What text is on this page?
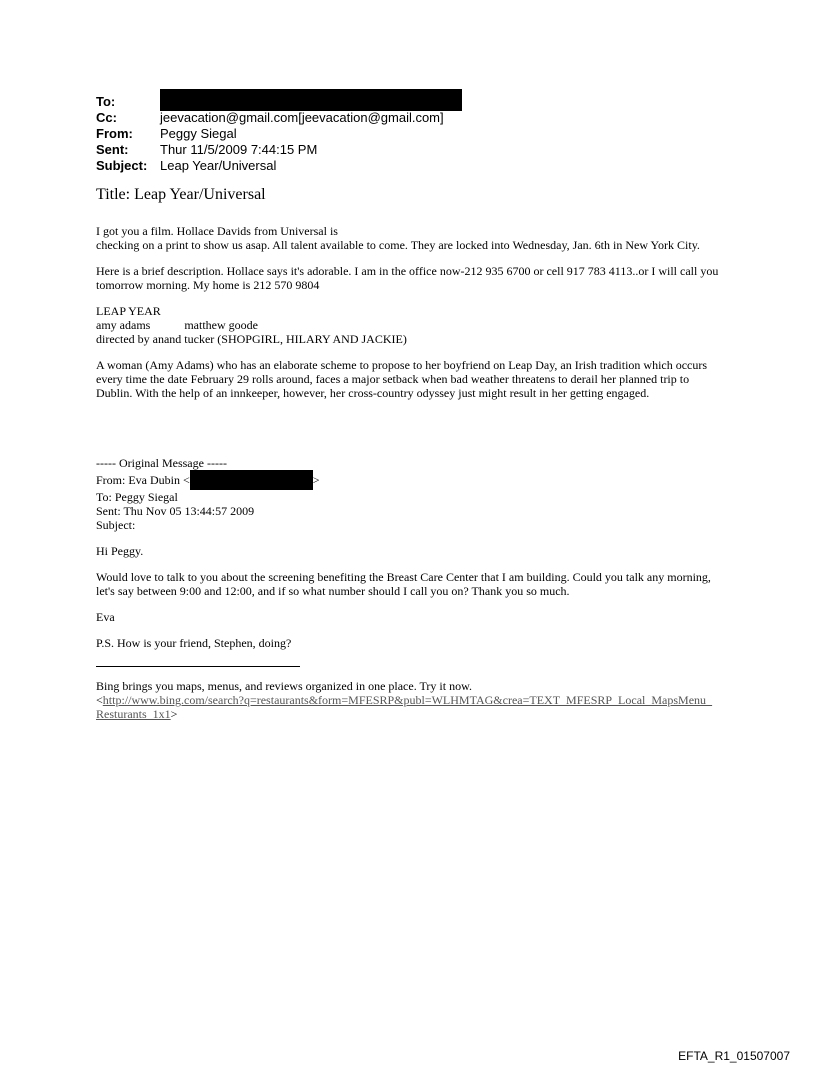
To:
Cc:	jeevacation@gmail.com[jeevacation@gmail.com]
From: Peggy Siegal
Sent: Thur 11/5/2009 7:44:15 PM
Subject: Leap Year/Universal
Title: Leap Year/Universal

I got you a film. Hollace Davids from Universal is

checking on a print to show us asap. All talent available to come. They are locked into Wednesday, Jan. 6th in New York City.

Here is a brief description. Hollace says it's adorable. I am in the office now-212 935 6700 or cell 917 783 4113..or I will call you tomorrow morning. My home is 212 570 9804

LEAP YEAR

amy adams	matthew goode

directed by anand tucker (SHOPGIRL, HILARY AND JACKIE)

A woman (Amy Adams) who has an elaborate scheme to propose to her boyfriend on Leap Day, an Irish tradition which occurs every time the date February 29 rolls around, faces a major setback when bad weather threatens to derail her planned trip to Dublin. With the help of an innkeeper, however, her cross-country odyssey just might result in her getting engaged.

----- Original Message -----

From: Eva Dubin <	>

To: Peggy Siegal

Sent: Thu Nov 05 13:44:57 2009

Subject:

Hi Peggy.

Would love to talk to you about the screening benefiting the Breast Care Center that I am building. Could you talk any morning, let's say between 9:00 and 12:00, and if so what number should I call you on? Thank you so much.

Eva

P.S. How is your friend, Stephen, doing?

Bing brings you maps, menus, and reviews organized in one place. Try it now.

<http://www.bing.com/search?q=restaurants&form=MFESRP&publ=WLHMTAG&crea=TEXT_MFESRP_Local_MapsMenu_Resturants_1x1>

EFTA_R1_01507007
